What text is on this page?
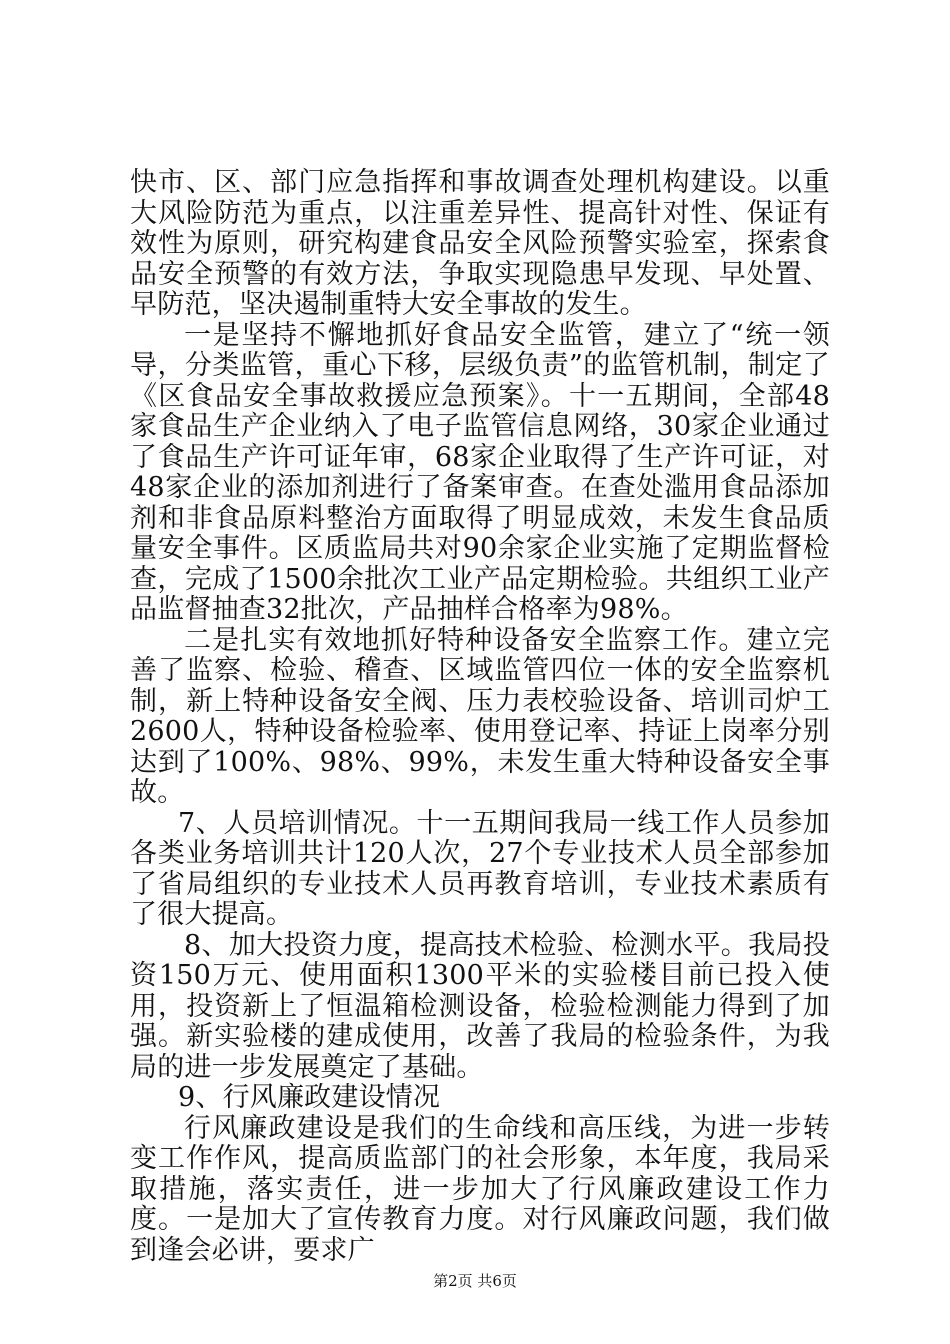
快市、区、部门应急指挥和事故调查处理机构建设。以重大风险防范为重点，以注重差异性、提高针对性、保证有效性为原则，研究构建食品安全风险预警实验室，探索食品安全预警的有效方法，争取实现隐患早发现、早处置、早防范，坚决遏制重特大安全事故的发生。

一是坚持不懈地抓好食品安全监管，建立了“统一领导，分类监管，重心下移，层级负责”的监管机制，制定了《区食品安全事故救援应急预案》。十一五期间，全部48家食品生产企业纳入了电子监管信息网络，30家企业通过了食品生产许可证年审，68家企业取得了生产许可证，对48家企业的添加剂进行了备案审查。在查处滥用食品添加剂和非食品原料整治方面取得了明显成效，未发生食品质量安全事件。区质监局共对90余家企业实施了定期监督检查，完成了1500余批次工业产品定期检验。共组织工业产品监督抽查32批次，产品抽样合格率为98%。

二是扎实有效地抓好特种设备安全监察工作。建立完善了监察、检验、稽查、区域监管四位一体的安全监察机制，新上特种设备安全阀、压力表校验设备、培训司炉工2600人，特种设备检验率、使用登记率、持证上岗率分别达到了100%、98%、99%，未发生重大特种设备安全事故。

7、人员培训情况。十一五期间我局一线工作人员参加各类业务培训共计120人次，27个专业技术人员全部参加了省局组织的专业技术人员再教育培训，专业技术素质有了很大提高。

8、加大投资力度，提高技术检验、检测水平。我局投资150万元、使用面积1300平米的实验楼目前已投入使用，投资新上了恒温箱检测设备，检验检测能力得到了加强。新实验楼的建成使用，改善了我局的检验条件，为我局的进一步发展奠定了基础。

9、行风廉政建设情况

行风廉政建设是我们的生命线和高压线，为进一步转变工作作风，提高质监部门的社会形象，本年度，我局采取措施，落实责任，进一步加大了行风廉政建设工作力度。一是加大了宣传教育力度。对行风廉政问题，我们做到逢会必讲，要求广

第2页 共6页
